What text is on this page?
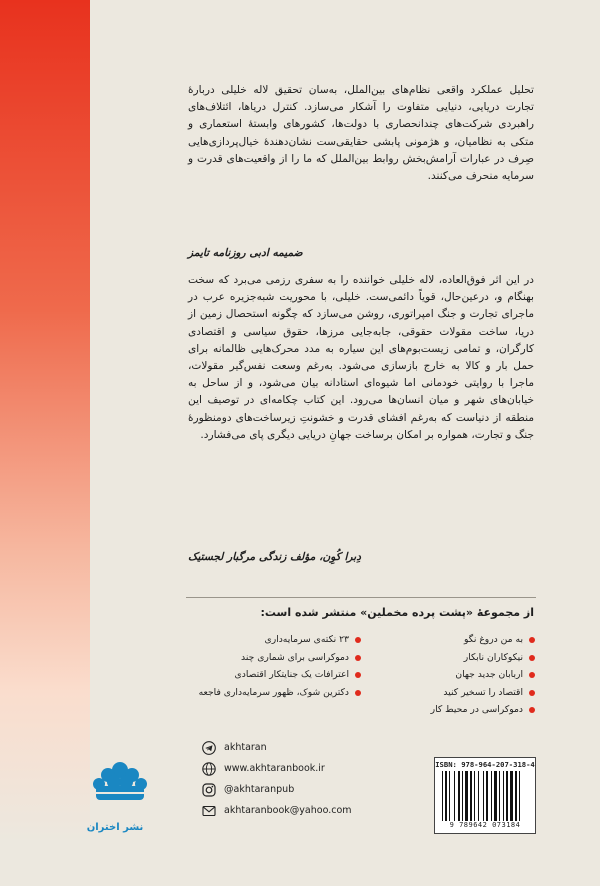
تحلیل عملکرد واقعی نظام‌های بین‌الملل، به‌سان تحقیق لاله خلیلی دربارهٔ تجارت دریایی، دنیایی متفاوت را آشکار می‌سازد. کنترل دریاها، ائتلاف‌های راهبردی شرکت‌های چندانحصاری با دولت‌ها، کشورهای وابستهٔ استعماری و متکی به نظامیان، و هژمونی پابشی حقایقی‌ست نشان‌دهندهٔ خیال‌پردازی‌هایی صِرف در عبارات آرامش‌بخش روابط بین‌الملل که ما را از واقعیت‌های قدرت و سرمایه منحرف می‌کنند.

ضمیمه ادبی روزنامه تایمز

در این اثر فوق‌العاده، لاله خلیلی خواننده را به سفری رزمی می‌برد که سخت بهنگام و، درعین‌حال، قویاً دائمی‌ست. خلیلی، با محوریت شبه‌جزیره عرب در ماجرای تجارت و جنگ امپراتوری، روشن می‌سازد که چگونه استحصال زمین از دریا، ساخت مقولات حقوقی، جابه‌جایی مرزها، حقوق سیاسی و اقتصادی کارگران، و تمامی زیست‌بوم‌های این سیاره به مدد محرک‌هایی ظالمانه برای حمل بار و کالا به خارج بازسازی می‌شود. به‌رغم وسعت نفس‌گیر مقولات، ماجرا با روایتی خودمانی اما شیوه‌ای استادانه بیان می‌شود، و از ساحل به خیابان‌های شهر و میان انسان‌ها می‌رود. این کتاب چکامه‌ای در توصیف این منطقه از دنیاست که به‌رغم افشای قدرت و خشونتِ زیرساخت‌های دومنظورهٔ جنگ و تجارت، همواره بر امکان برساخت جهانِ دریایی دیگری پای می‌فشارد.

دِبرا کُوِن، مؤلف زندگی مرگبار لجستیک
از مجموعهٔ «پشت پرده مخملین» منتشر شده است:
به من دروغ نگو
نیکوکاران نابکار
اربابان جدید جهان
اقتصاد را تسخیر کنید
دموکراسی در محیط کار
۲۳ نکته‌ی سرمایه‌داری
دموکراسی برای شماری چند
اعترافات یک جنایتکار اقتصادی
دکترین شوک، ظهور سرمایه‌داری فاجعه
نشر اختران
akhtaran
www.akhtaranbook.ir
@akhtaranpub
akhtaranbook@yahoo.com
ISBN: 978-964-207-318-4
9 789642 073184
